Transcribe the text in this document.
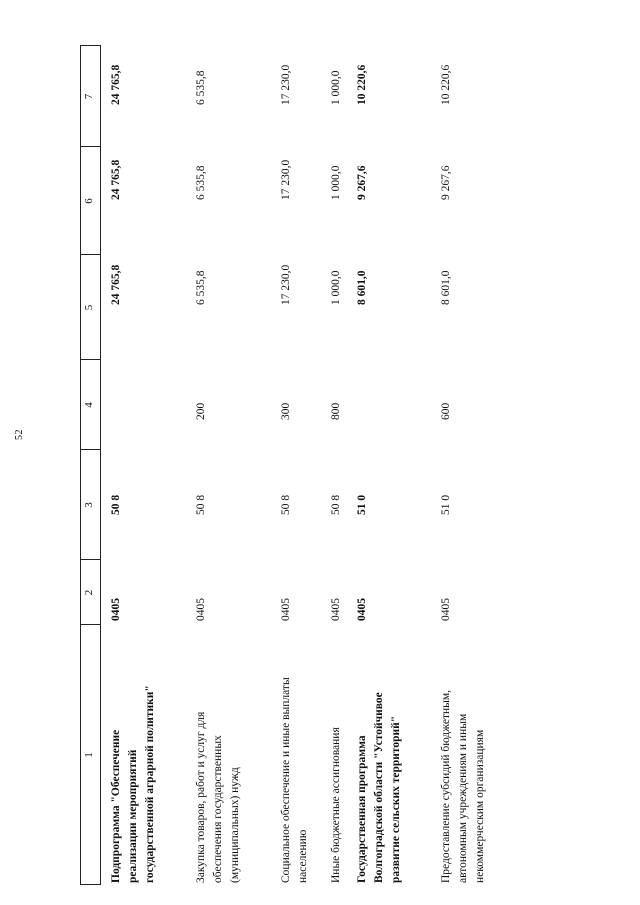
52
1
2
3
4
5
6
7
Подпрограмма "Обеспечение реализации мероприятий государственной аграрной политики"
0405
50 8
24 765,8
24 765,8
24 765,8
Закупка товаров, работ и услуг для обеспечения государственных (муниципальных) нужд
0405
50 8
200
6 535,8
6 535,8
6 535,8
Социальное обеспечение и иные выплаты населению
0405
50 8
300
17 230,0
17 230,0
17 230,0
Иные бюджетные ассигнования
0405
50 8
800
1 000,0
1 000,0
1 000,0
Государственная программа Волгоградской области "Устойчивое развитие сельских территорий"
0405
51 0
8 601,0
9 267,6
10 220,6
Предоставление субсидий бюджетным, автономным учреждениям и иным некоммерческим организациям
0405
51 0
600
8 601,0
9 267,6
10 220,6
